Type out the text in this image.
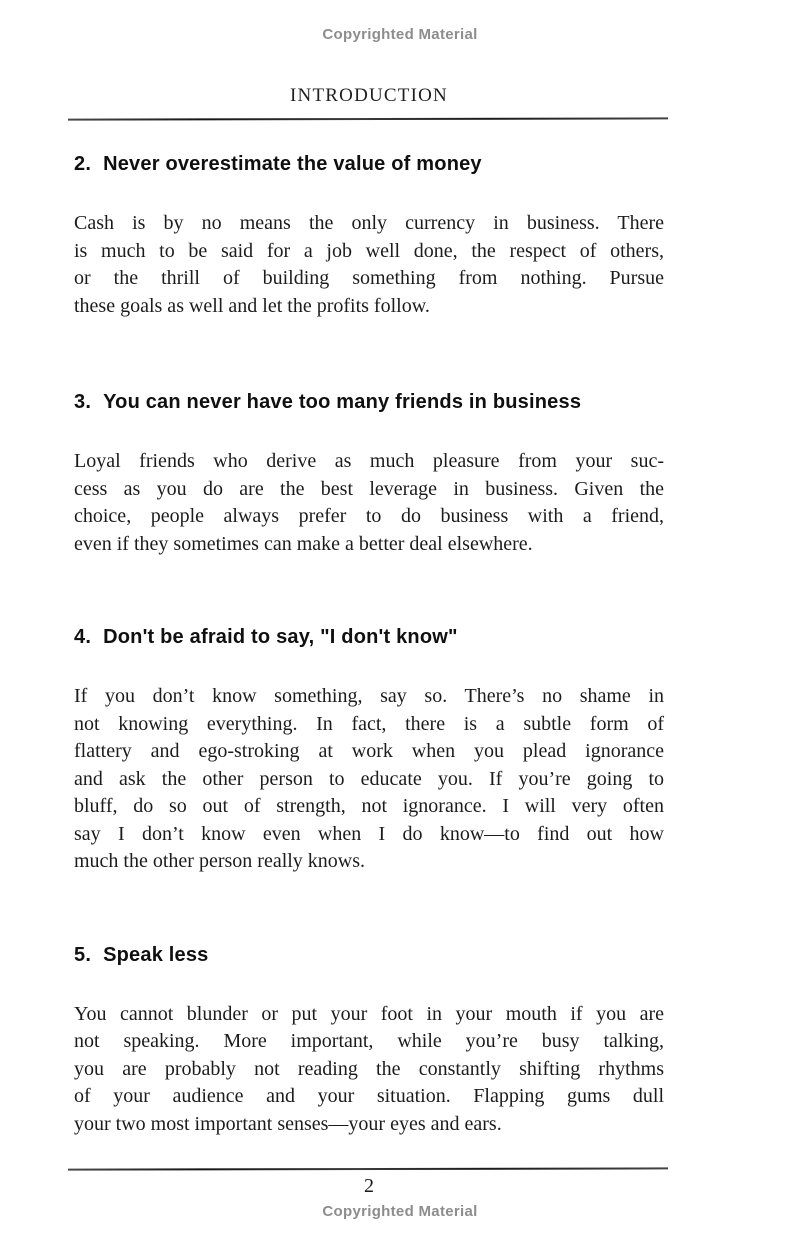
Copyrighted Material
INTRODUCTION
2. Never overestimate the value of money
Cash is by no means the only currency in business. There
is much to be said for a job well done, the respect of others,
or the thrill of building something from nothing. Pursue
these goals as well and let the profits follow.
3. You can never have too many friends in business
Loyal friends who derive as much pleasure from your suc-
cess as you do are the best leverage in business. Given the
choice, people always prefer to do business with a friend,
even if they sometimes can make a better deal elsewhere.
4. Don't be afraid to say, "I don't know"
If you don’t know something, say so. There’s no shame in
not knowing everything. In fact, there is a subtle form of
flattery and ego-stroking at work when you plead ignorance
and ask the other person to educate you. If you’re going to
bluff, do so out of strength, not ignorance. I will very often
say I don’t know even when I do know—to find out how
much the other person really knows.
5. Speak less
You cannot blunder or put your foot in your mouth if you are
not speaking. More important, while you’re busy talking,
you are probably not reading the constantly shifting rhythms
of your audience and your situation. Flapping gums dull
your two most important senses—your eyes and ears.
2
Copyrighted Material
